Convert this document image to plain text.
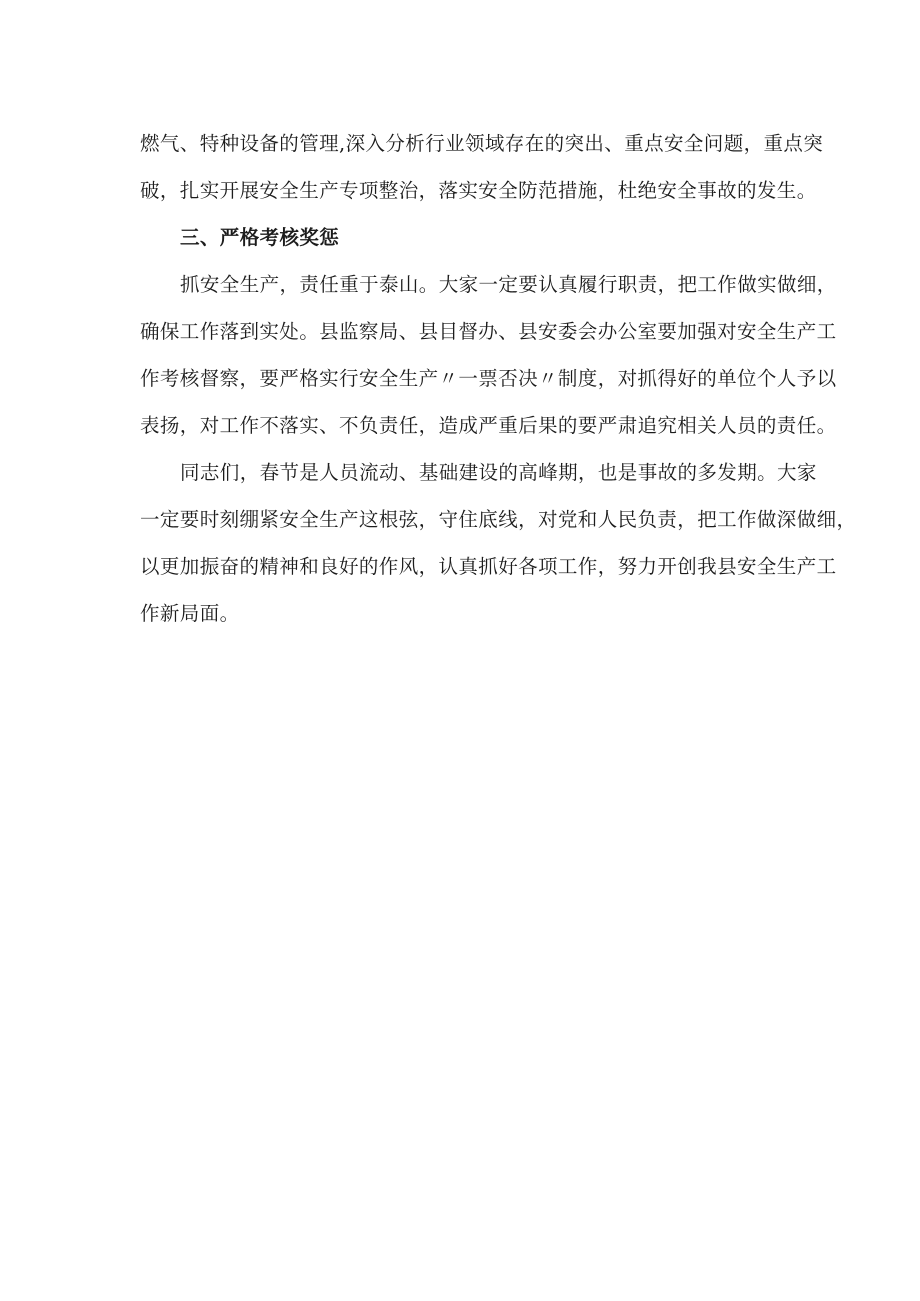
燃气、特种设备的管理,深入分析行业领域存在的突出、重点安全问题，重点突
破，扎实开展安全生产专项整治，落实安全防范措施，杜绝安全事故的发生。
三、严格考核奖惩
抓安全生产，责任重于泰山。大家一定要认真履行职责，把工作做实做细，
确保工作落到实处。县监察局、县目督办、县安委会办公室要加强对安全生产工
作考核督察，要严格实行安全生产〃一票否决〃制度，对抓得好的单位个人予以
表扬，对工作不落实、不负责任，造成严重后果的要严肃追究相关人员的责任。
同志们，春节是人员流动、基础建设的高峰期，也是事故的多发期。大家
一定要时刻绷紧安全生产这根弦，守住底线，对党和人民负责，把工作做深做细，
以更加振奋的精神和良好的作风，认真抓好各项工作，努力开创我县安全生产工
作新局面。
